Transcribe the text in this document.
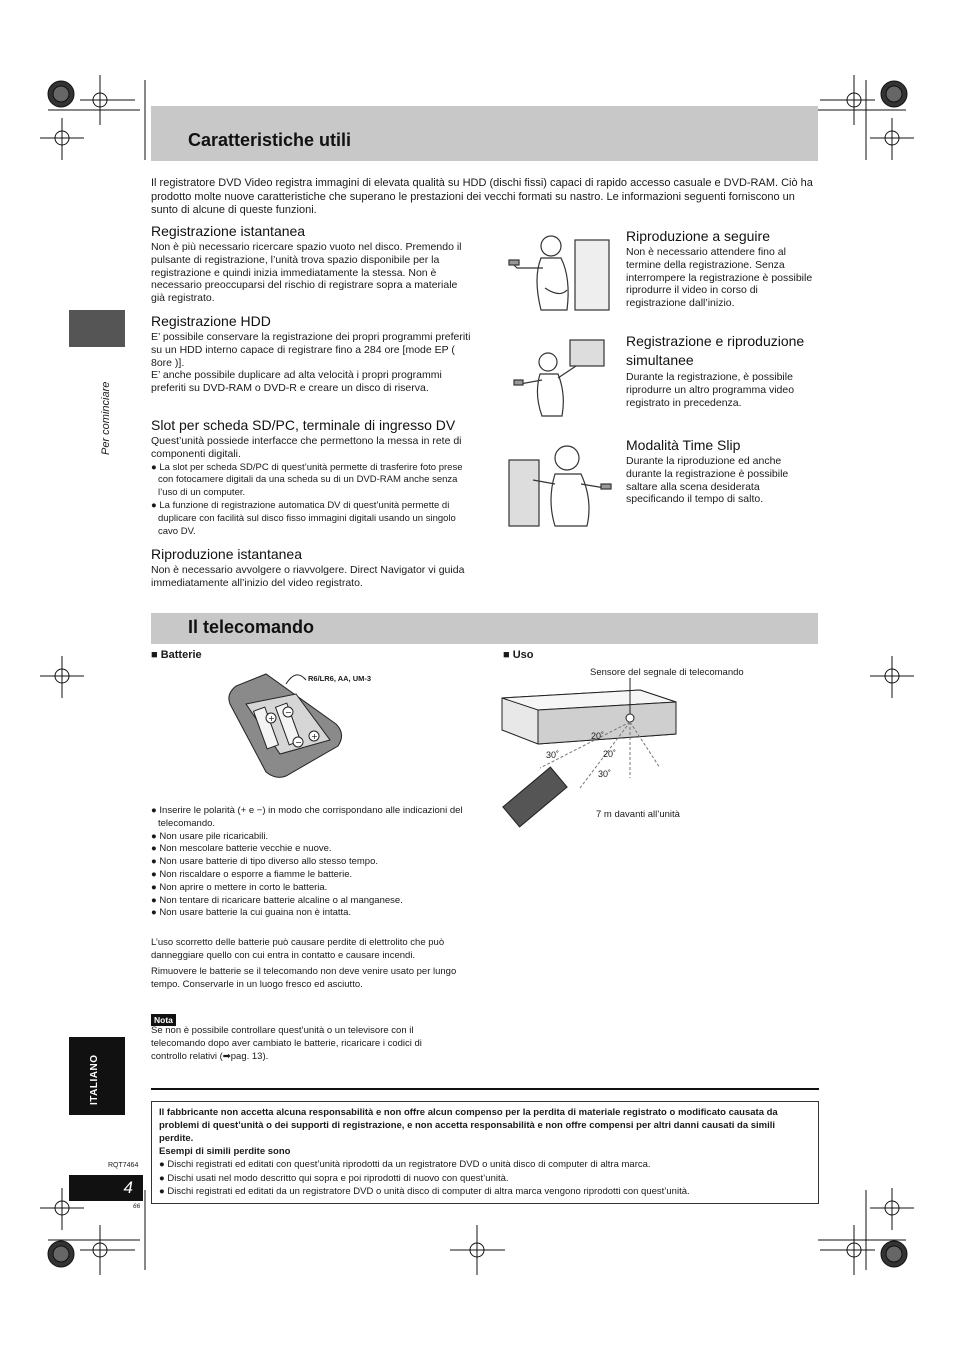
Caratteristiche utili
Il registratore DVD Video registra immagini di elevata qualità su HDD (dischi fissi) capaci di rapido accesso casuale e DVD-RAM. Ciò ha prodotto molte nuove caratteristiche che superano le prestazioni dei vecchi formati su nastro. Le informazioni seguenti forniscono un sunto di alcune di queste funzioni.
Per cominciare
Registrazione istantanea
Non è più necessario ricercare spazio vuoto nel disco. Premendo il pulsante di registrazione, l’unità trova spazio disponibile per la registrazione e quindi inizia immediatamente la stessa. Non è necessario preoccuparsi del rischio di registrare sopra a materiale già registrato.
Registrazione HDD
E’ possibile conservare la registrazione dei propri programmi preferiti su un HDD interno capace di registrare fino a 284 ore [mode EP ( 8ore )].
E’ anche possibile duplicare ad alta velocità i propri programmi preferiti su DVD-RAM o DVD-R e creare un disco di riserva.
Slot per scheda SD/PC, terminale di ingresso DV
Quest’unità possiede interfacce che permettono la messa in rete di componenti digitali.
● La slot per scheda SD/PC di quest’unità permette di trasferire foto prese con fotocamere digitali da una scheda su di un DVD-RAM anche senza l’uso di un computer.
● La funzione di registrazione automatica DV di quest’unità permette di duplicare con facilità sul disco fisso immagini digitali usando un singolo cavo DV.
Riproduzione istantanea
Non è necessario avvolgere o riavvolgere. Direct Navigator vi guida immediatamente all’inizio del video registrato.
Riproduzione a seguire
Non è necessario attendere fino al termine della registrazione. Senza interrompere la registrazione è possibile riprodurre il video in corso di registrazione dall’inizio.
Registrazione e riproduzione simultanee
Durante la registrazione, è possibile riprodurre un altro programma video registrato in precedenza.
Modalità Time Slip
Durante la riproduzione ed anche durante la registrazione è possibile saltare alla scena desiderata specificando il tempo di salto.
Il telecomando
■ Batterie
+
−
−
+
R6/LR6, AA, UM-3
● Inserire le polarità (+ e −) in modo che corrispondano alle indicazioni del telecomando.
● Non usare pile ricaricabili.
● Non mescolare batterie vecchie e nuove.
● Non usare batterie di tipo diverso allo stesso tempo.
● Non riscaldare o esporre a fiamme le batterie.
● Non aprire o mettere in corto le batteria.
● Non tentare di ricaricare batterie alcaline o al manganese.
● Non usare batterie la cui guaina non è intatta.
L’uso scorretto delle batterie può causare perdite di elettrolito che può danneggiare quello con cui entra in contatto e causare incendi.
Rimuovere le batterie se il telecomando non deve venire usato per lungo tempo. Conservarle in un luogo fresco ed asciutto.
Nota
Se non è possibile controllare quest’unità o un televisore con il telecomando dopo aver cambiato le batterie, ricaricare i codici di controllo relativi (➡pag. 13).
■ Uso
Sensore del segnale di telecomando
30˚
20˚
20˚
30˚
7 m davanti all’unità
ITALIANO
RQT7464
4
66
Il fabbricante non accetta alcuna responsabilità e non offre alcun compenso per la perdita di materiale registrato o modificato causata da problemi di quest’unità o dei supporti di registrazione, e non accetta responsabilità e non offre compensi per altri danni causati da simili perdite.
Esempi di simili perdite sono
● Dischi registrati ed editati con quest’unità riprodotti da un registratore DVD o unità disco di computer di altra marca.
● Dischi usati nel modo descritto qui sopra e poi riprodotti di nuovo con quest’unità.
● Dischi registrati ed editati da un registratore DVD o unità disco di computer di altra marca vengono riprodotti con quest’unità.
